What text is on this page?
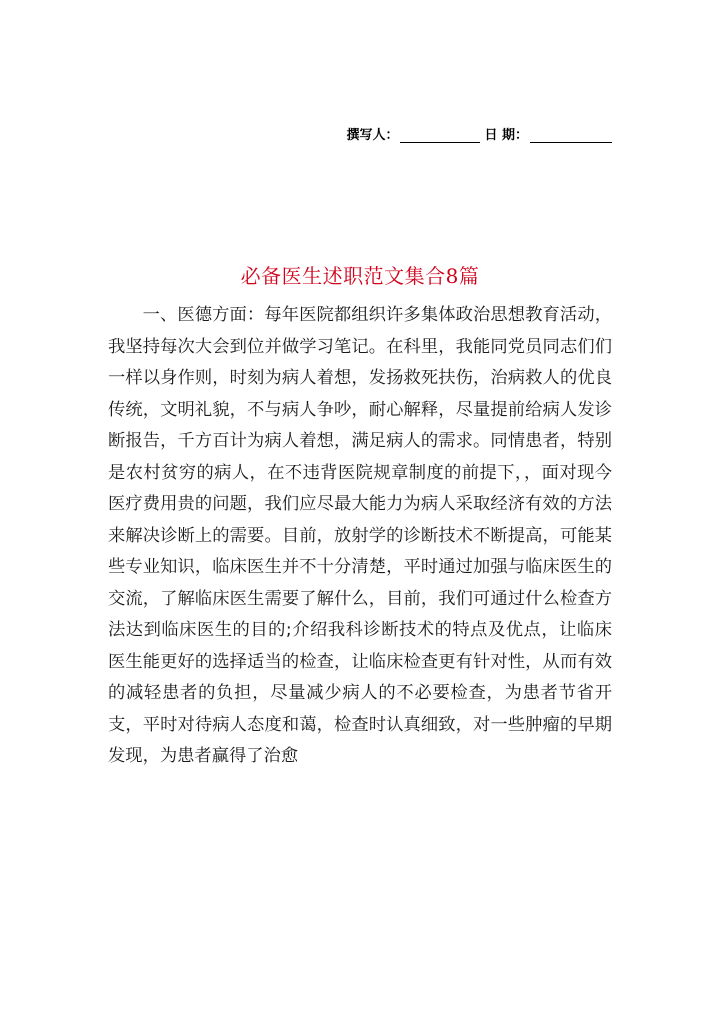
撰写人：	日 期：
必备医生述职范文集合8篇

一、医德方面：每年医院都组织许多集体政治思想教育活动，我坚持每次大会到位并做学习笔记。在科里，我能同党员同志们们一样以身作则，时刻为病人着想，发扬救死扶伤，治病救人的优良传统，文明礼貌，不与病人争吵，耐心解释，尽量提前给病人发诊断报告，千方百计为病人着想，满足病人的需求。同情患者，特别是农村贫穷的病人，在不违背医院规章制度的前提下，，面对现今医疗费用贵的问题，我们应尽最大能力为病人采取经济有效的方法来解决诊断上的需要。目前，放射学的诊断技术不断提高，可能某些专业知识，临床医生并不十分清楚，平时通过加强与临床医生的交流，了解临床医生需要了解什么，目前，我们可通过什么检查方法达到临床医生的目的;介绍我科诊断技术的特点及优点，让临床医生能更好的选择适当的检查，让临床检查更有针对性，从而有效的减轻患者的负担，尽量减少病人的不必要检查，为患者节省开支，平时对待病人态度和蔼，检查时认真细致，对一些肿瘤的早期发现，为患者赢得了治愈
